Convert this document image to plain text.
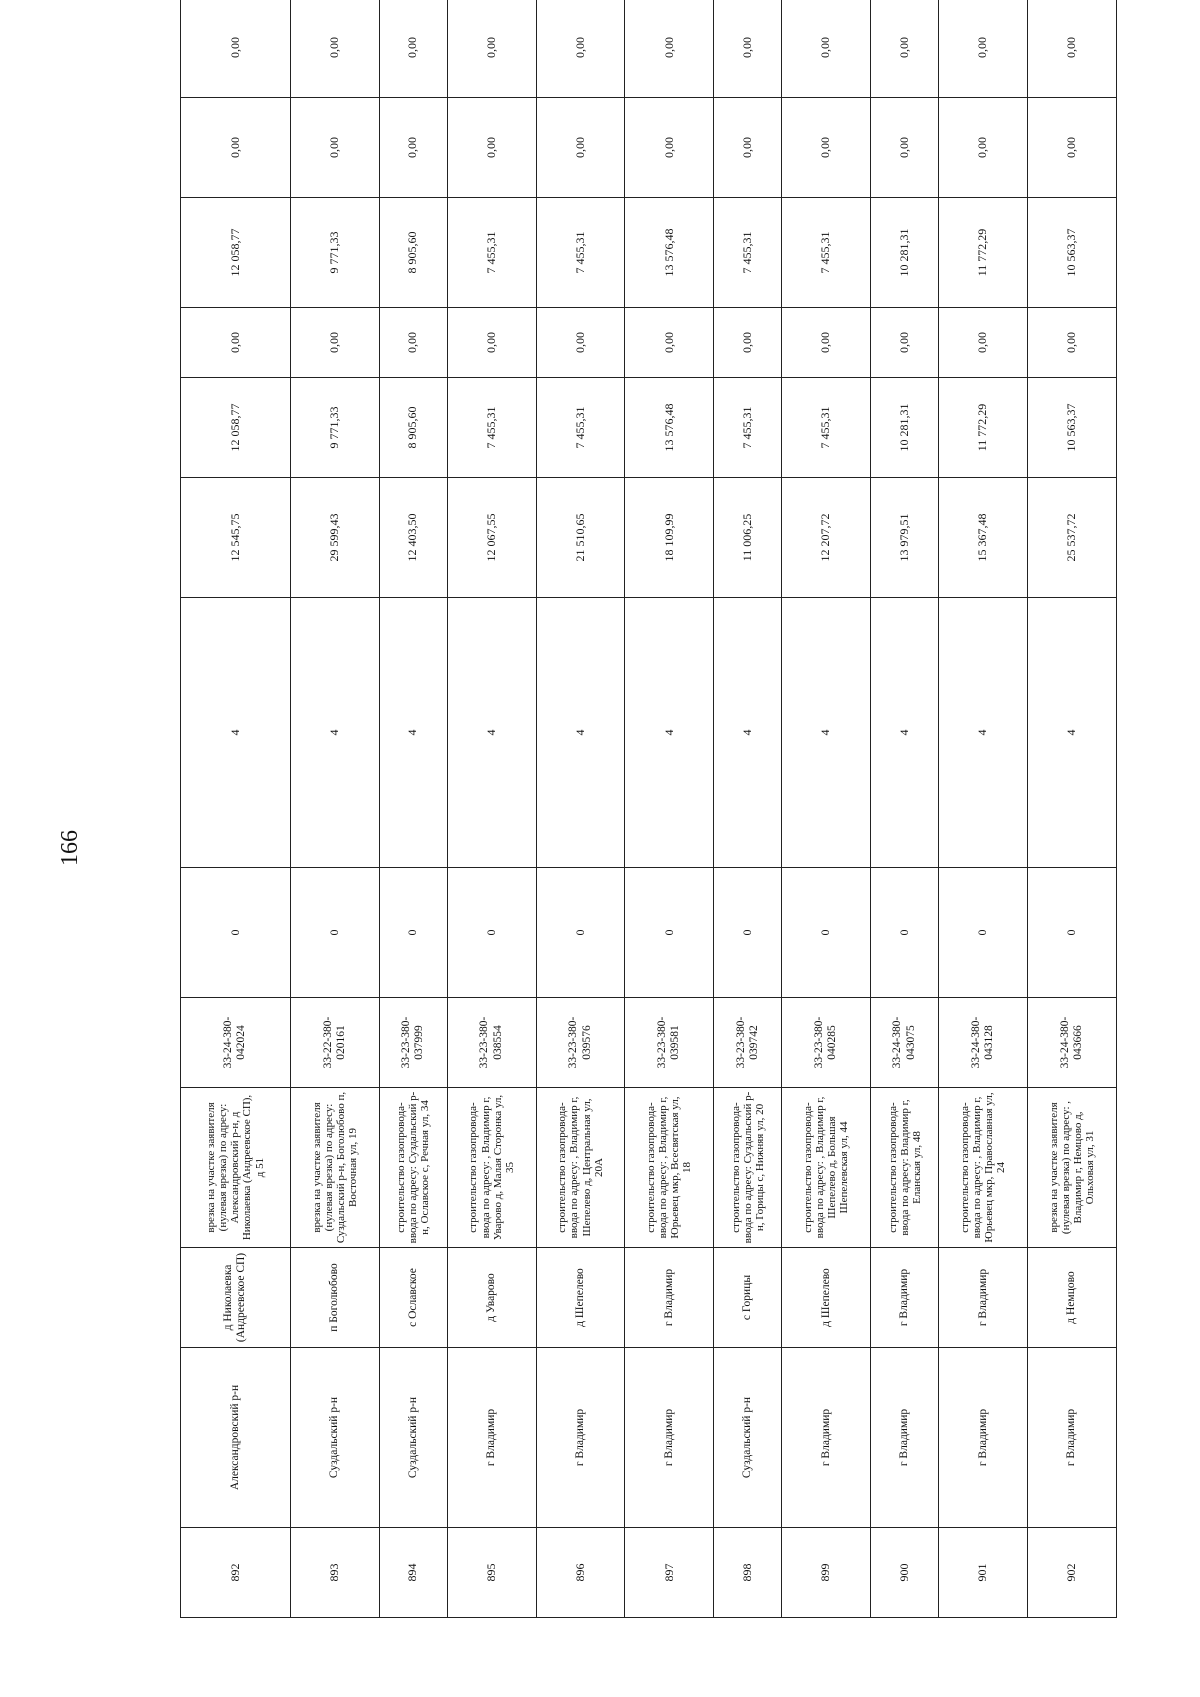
166
892	Александровский р-н	д Николаевка (Андреевское СП)	врезка на участке заявителя (нулевая врезка) по адресу: Александровский р-н, д Николаевка (Андреевское СП), д 51	33-24-380-042024	0	4	12 545,75	12 058,77	0,00	12 058,77	0,00	0,00
893	Суздальский р-н	п Боголюбово	врезка на участке заявителя (нулевая врезка) по адресу: Суздальский р-н, Боголюбово п, Восточная ул, 19	33-22-380-020161	0	4	29 599,43	9 771,33	0,00	9 771,33	0,00	0,00
894	Суздальский р-н	с Ославское	строительство газопровода-ввода по адресу: Суздальский р-н, Ославское с, Речная ул, 34	33-23-380-037999	0	4	12 403,50	8 905,60	0,00	8 905,60	0,00	0,00
895	г Владимир	д Уварово	строительство газопровода-ввода по адресу: , Владимир г, Уварово д, Малая Сторонка ул, 35	33-23-380-038554	0	4	12 067,55	7 455,31	0,00	7 455,31	0,00	0,00
896	г Владимир	д Шепелево	строительство газопровода-ввода по адресу: , Владимир г, Шепелево д, Центральная ул, 20А	33-23-380-039576	0	4	21 510,65	7 455,31	0,00	7 455,31	0,00	0,00
897	г Владимир	г Владимир	строительство газопровода-ввода по адресу: , Владимир г, Юрьевец мкр, Всесвятская ул, 18	33-23-380-039581	0	4	18 109,99	13 576,48	0,00	13 576,48	0,00	0,00
898	Суздальский р-н	с Горицы	строительство газопровода-ввода по адресу: Суздальский р-н, Горицы с, Нижняя ул, 20	33-23-380-039742	0	4	11 006,25	7 455,31	0,00	7 455,31	0,00	0,00
899	г Владимир	д Шепелево	строительство газопровода-ввода по адресу: , Владимир г, Шепелево д, Большая Шепелевская ул, 44	33-23-380-040285	0	4	12 207,72	7 455,31	0,00	7 455,31	0,00	0,00
900	г Владимир	г Владимир	строительство газопровода-ввода по адресу: Владимир г, Еланская ул, 48	33-24-380-043075	0	4	13 979,51	10 281,31	0,00	10 281,31	0,00	0,00
901	г Владимир	г Владимир	строительство газопровода-ввода по адресу: , Владимир г, Юрьевец мкр, Православная ул, 24	33-24-380-043128	0	4	15 367,48	11 772,29	0,00	11 772,29	0,00	0,00
902	г Владимир	д Немцово	врезка на участке заявителя (нулевая врезка) по адресу: , Владимир г, Немцово д, Ольховая ул, 31	33-24-380-043666	0	4	25 537,72	10 563,37	0,00	10 563,37	0,00	0,00
